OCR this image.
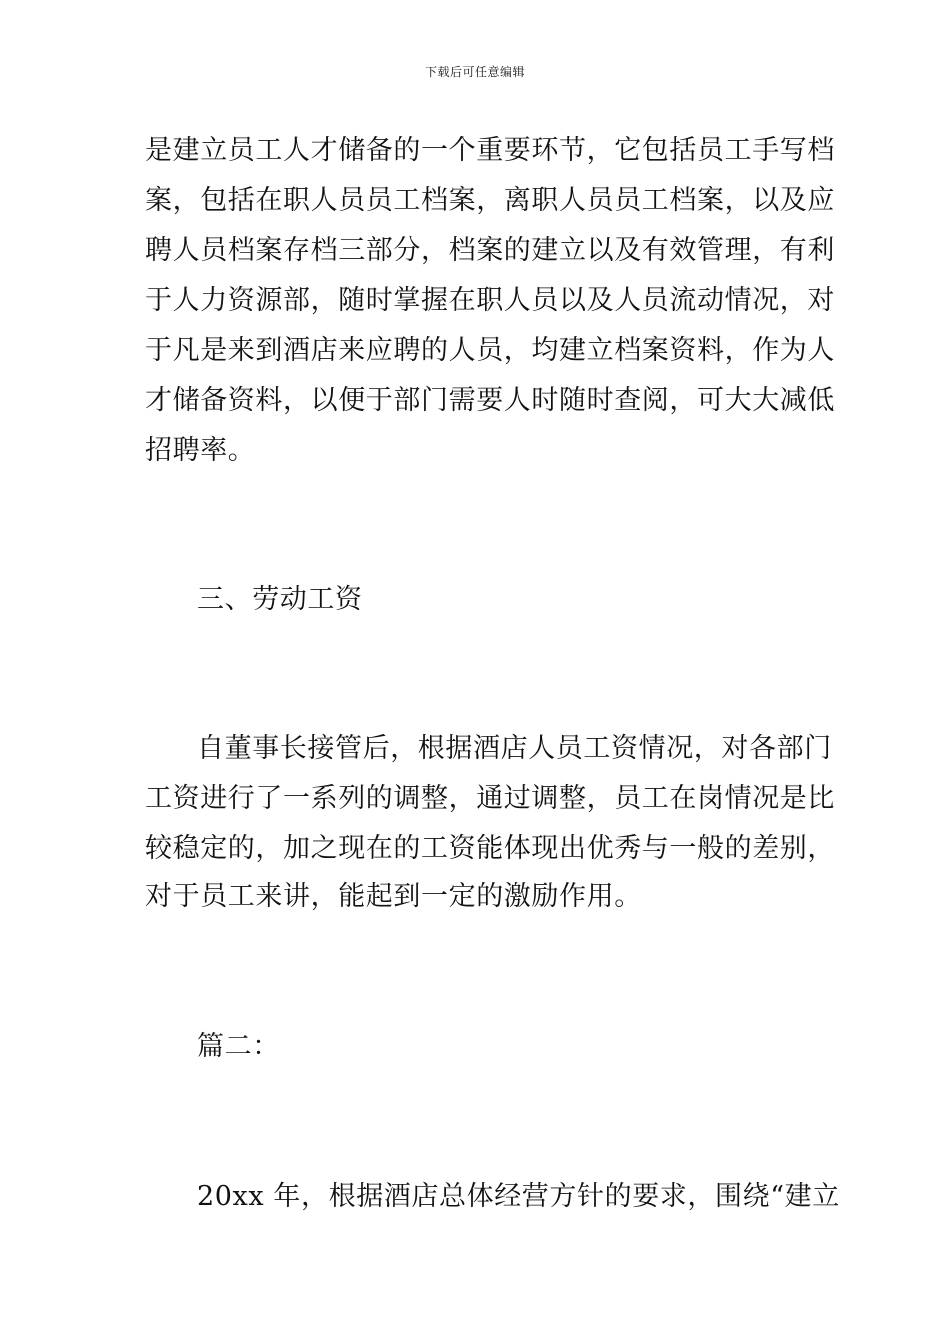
下载后可任意编辑
是建立员工人才储备的一个重要环节，它包括员工手写档
案，包括在职人员员工档案，离职人员员工档案，以及应
聘人员档案存档三部分，档案的建立以及有效管理，有利
于人力资源部，随时掌握在职人员以及人员流动情况，对
于凡是来到酒店来应聘的人员，均建立档案资料，作为人
才储备资料，以便于部门需要人时随时查阅，可大大减低
招聘率。
三、劳动工资
自董事长接管后，根据酒店人员工资情况，对各部门
工资进行了一系列的调整，通过调整，员工在岗情况是比
较稳定的，加之现在的工资能体现出优秀与一般的差别，
对于员工来讲，能起到一定的激励作用。
篇二：
20xx 年，根据酒店总体经营方针的要求，围绕“建立
